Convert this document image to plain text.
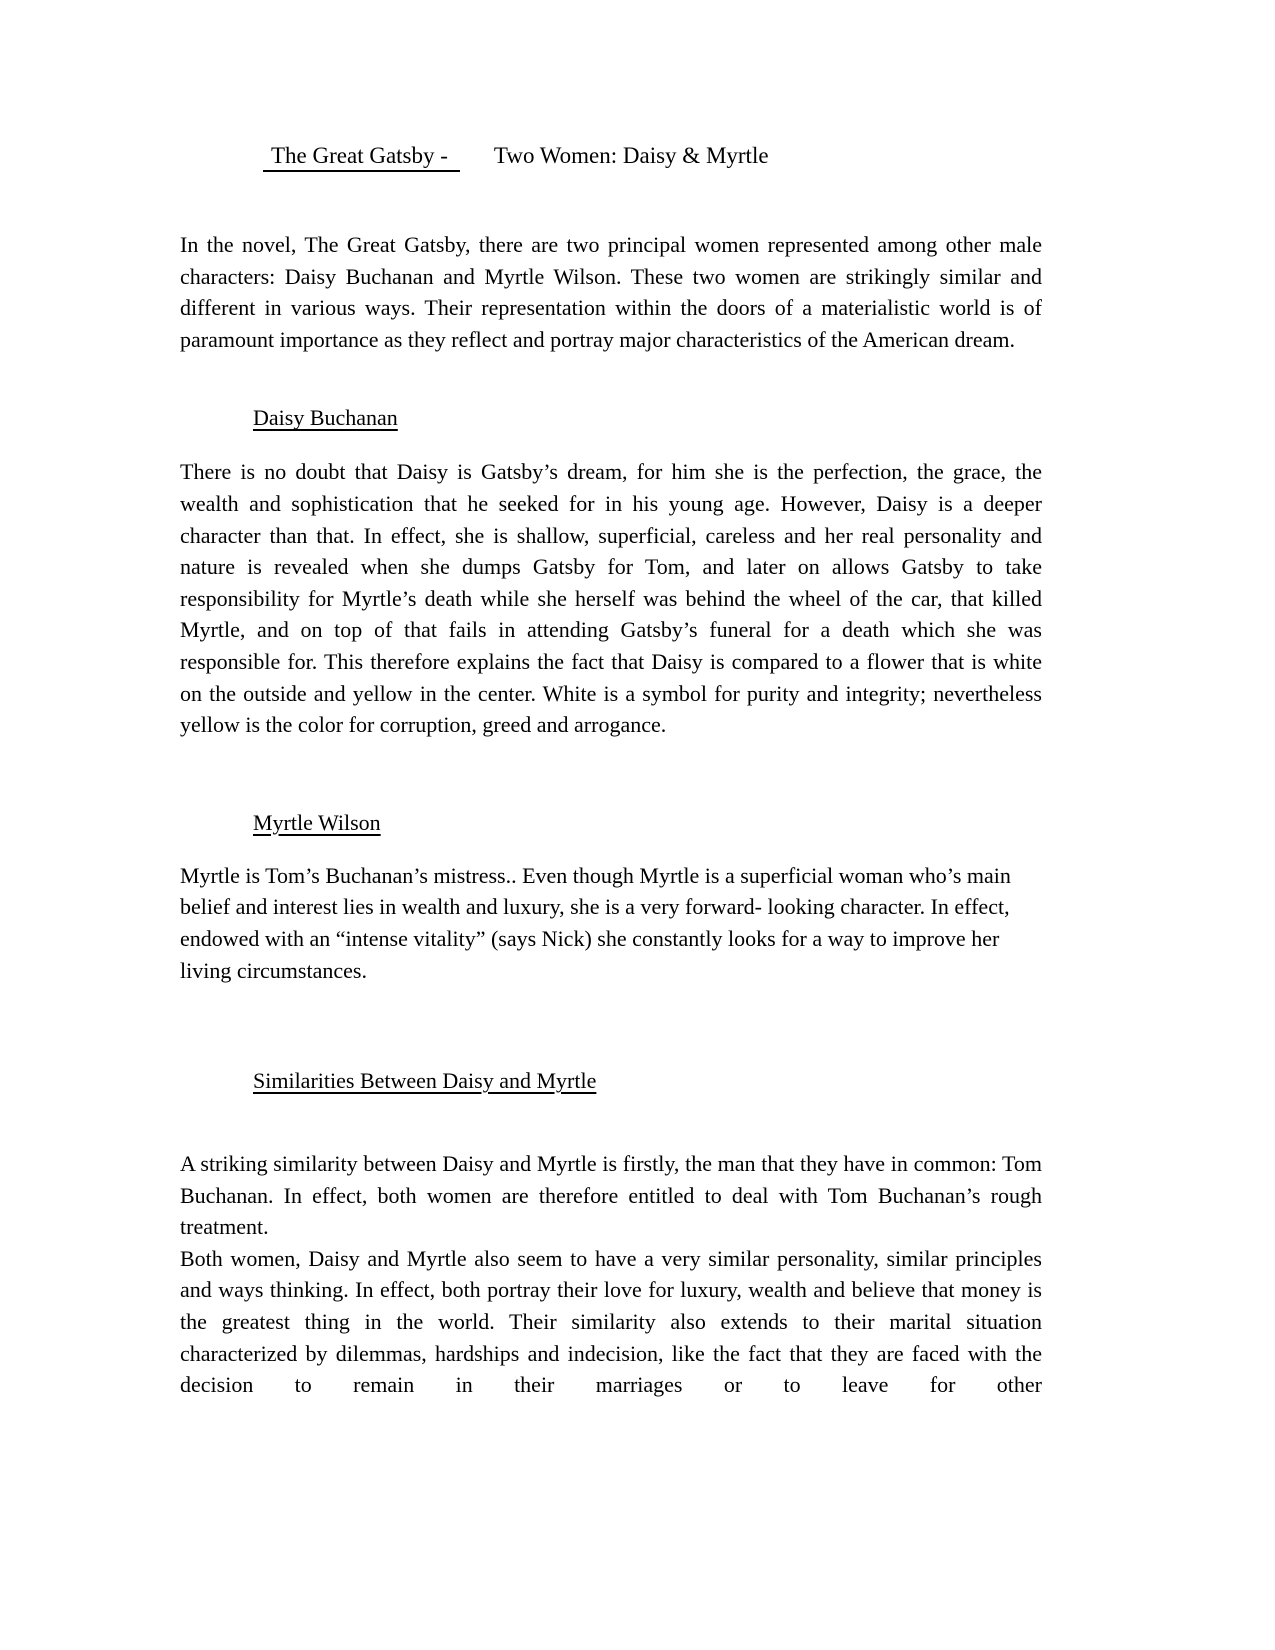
The Great Gatsby - Two Women: Daisy & Myrtle

In the novel, The Great Gatsby, there are two principal women represented among other male characters: Daisy Buchanan and Myrtle Wilson. These two women are strikingly similar and different in various ways. Their representation within the doors of a materialistic world is of paramount importance as they reflect and portray major characteristics of the American dream.

Daisy Buchanan

There is no doubt that Daisy is Gatsby’s dream, for him she is the perfection, the grace, the wealth and sophistication that he seeked for in his young age. However, Daisy is a deeper character than that. In effect, she is shallow, superficial, careless and her real personality and nature is revealed when she dumps Gatsby for Tom, and later on allows Gatsby to take responsibility for Myrtle’s death while she herself was behind the wheel of the car, that killed Myrtle, and on top of that fails in attending Gatsby’s funeral for a death which she was responsible for. This therefore explains the fact that Daisy is compared to a flower that is white on the outside and yellow in the center. White is a symbol for purity and integrity; nevertheless yellow is the color for corruption, greed and arrogance.

Myrtle Wilson

Myrtle is Tom’s Buchanan’s mistress.. Even though Myrtle is a superficial woman who’s main belief and interest lies in wealth and luxury, she is a very forward- looking character. In effect, endowed with an “intense vitality” (says Nick) she constantly looks for a way to improve her living circumstances.

Similarities Between Daisy and Myrtle

A striking similarity between Daisy and Myrtle is firstly, the man that they have in common: Tom Buchanan. In effect, both women are therefore entitled to deal with Tom Buchanan’s rough treatment.

Both women, Daisy and Myrtle also seem to have a very similar personality, similar principles and ways thinking. In effect, both portray their love for luxury, wealth and believe that money is the greatest thing in the world. Their similarity also extends to their marital situation characterized by dilemmas, hardships and indecision, like the fact that they are faced with the decision to remain in their marriages or to leave for other
